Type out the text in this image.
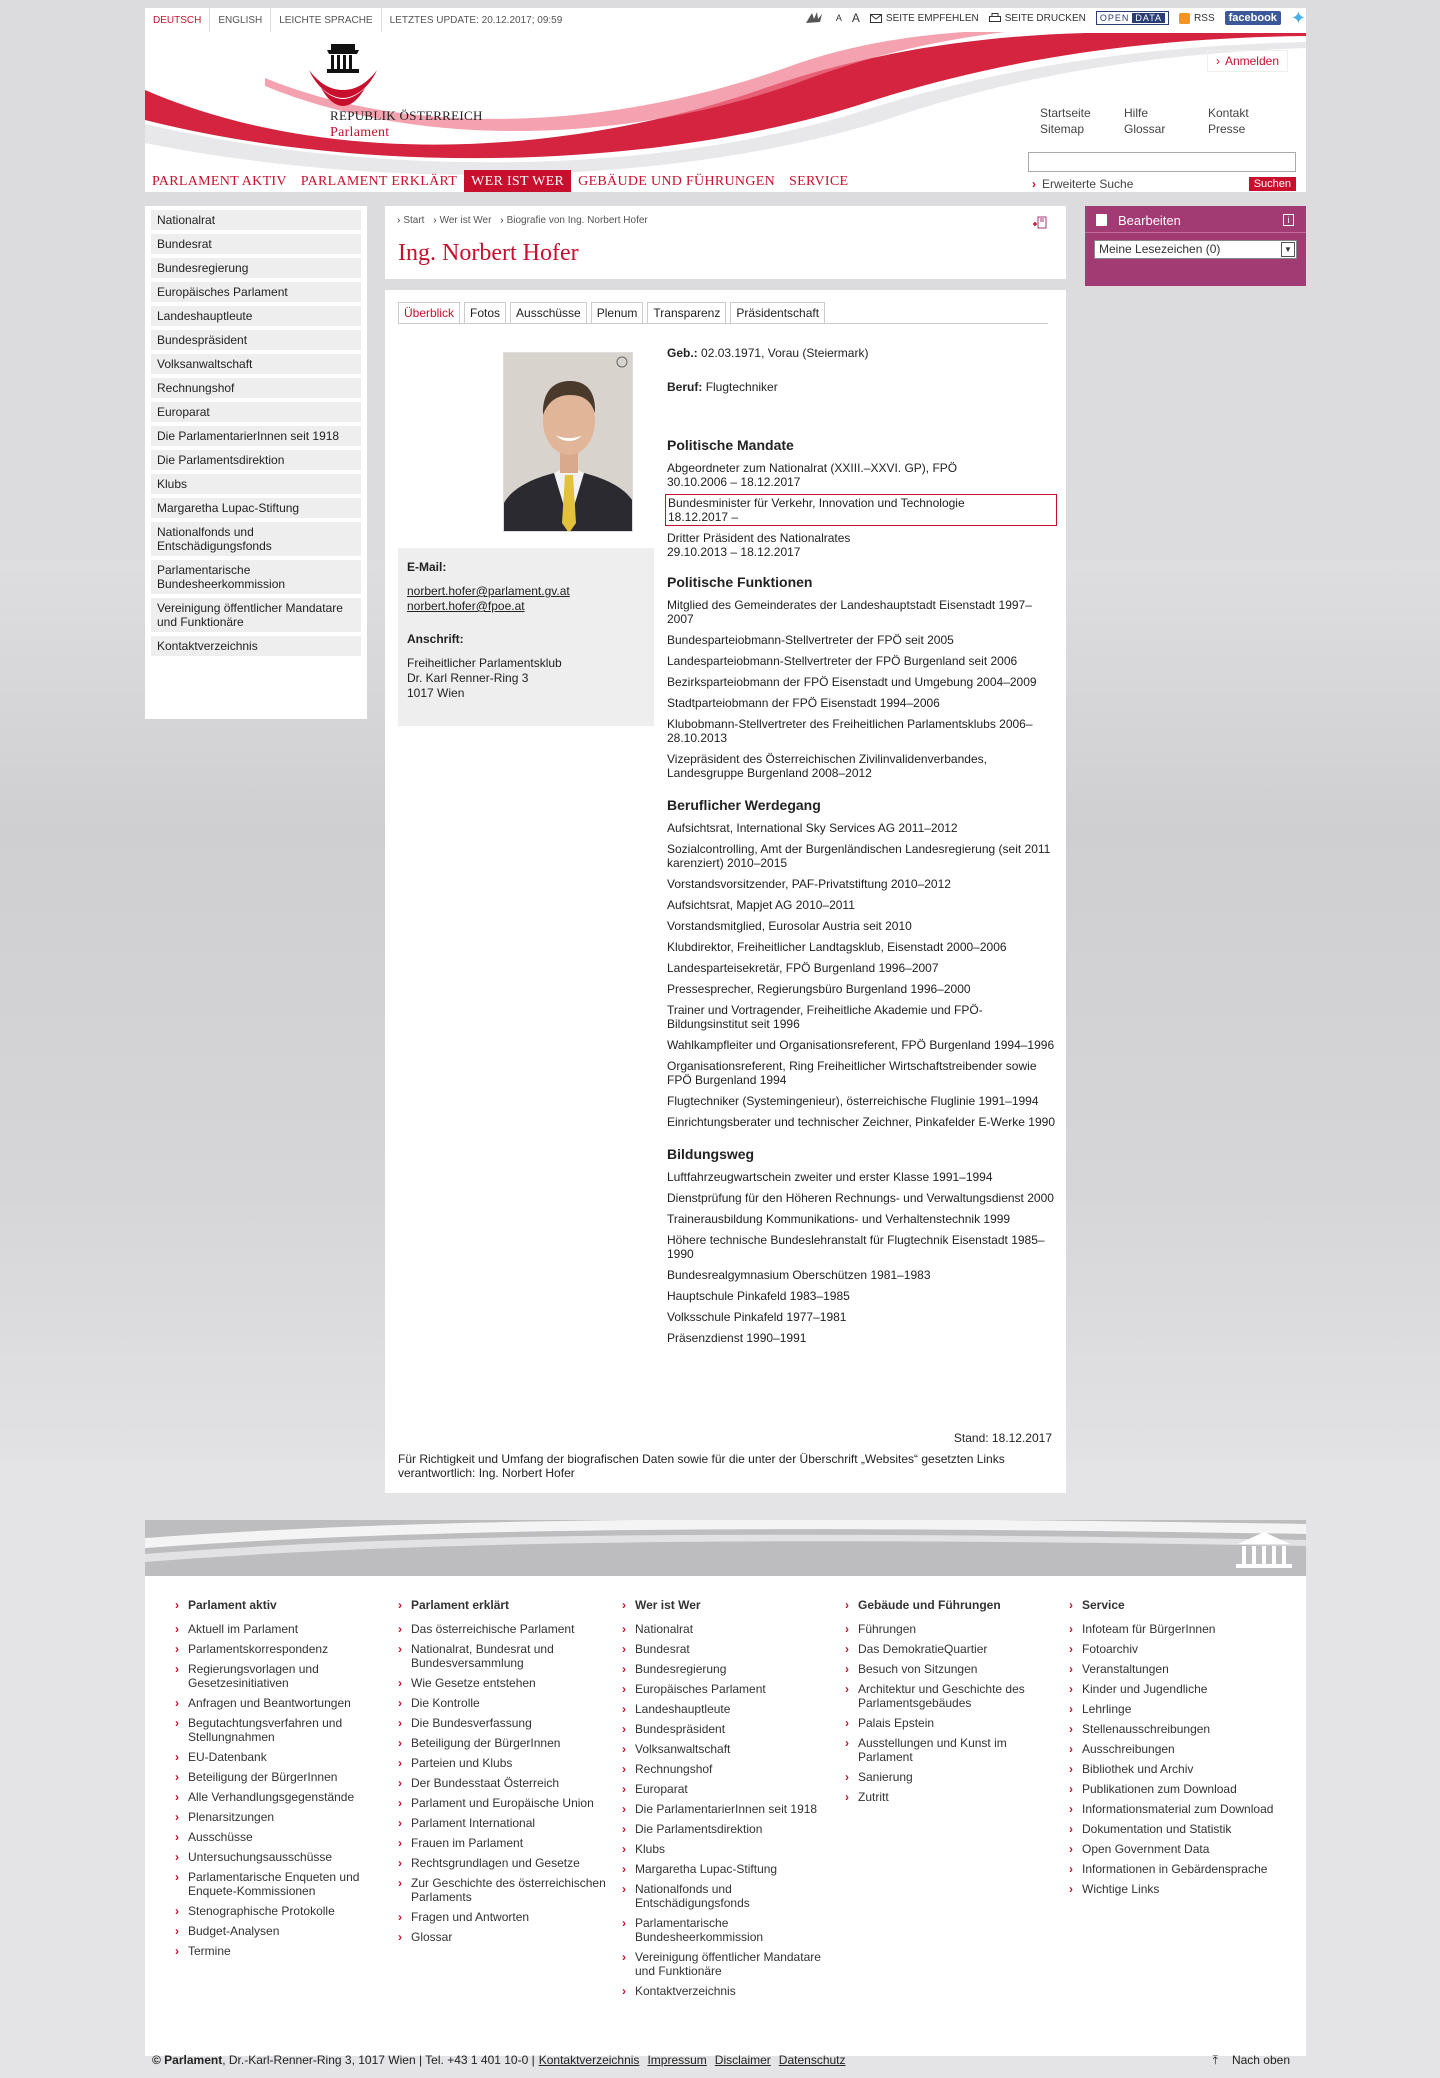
DEUTSCH	ENGLISH	LEICHTE SPRACHE	LETZTES UPDATE: 20.12.2017; 09:59	A A	SEITE EMPFEHLEN	SEITE DRUCKEN OPEN DATA	RSS	facebook ✦
› Anmelden
REPUBLIK ÖSTERREICH
Parlament
Startseite	Hilfe	Kontakt
Sitemap	Glossar	Presse
PARLAMENT AKTIV	PARLAMENT ERKLÄRT	WER IST WER	GEBÄUDE UND FÜHRUNGEN	SERVICE	› Erweiterte Suche	Suchen
Nationalrat
Bundesrat
Bundesregierung
Europäisches Parlament
Landeshauptleute
Bundespräsident
Volksanwaltschaft
Rechnungshof
Europarat
Die ParlamentarierInnen seit 1918
Die Parlamentsdirektion
Klubs
Margaretha Lupac-Stiftung
Nationalfonds und Entschädigungsfonds
Parlamentarische Bundesheerkommission
Vereinigung öffentlicher Mandatare und Funktionäre
Kontaktverzeichnis
› Start › Wer ist Wer › Biografie von Ing. Norbert Hofer
Ing. Norbert Hofer
Überblick	Fotos	Ausschüsse	Plenum	Transparenz	Präsidentschaft
E-Mail:
norbert.hofer@parlament.gv.at
norbert.hofer@fpoe.at
Anschrift:
Freiheitlicher Parlamentsklub
Dr. Karl Renner-Ring 3
1017 Wien

Geb.: 02.03.1971, Vorau (Steiermark)

Beruf: Flugtechniker

Politische Mandate
Abgeordneter zum Nationalrat (XXIII.–XXVI. GP), FPÖ
30.10.2006 – 18.12.2017
Bundesminister für Verkehr, Innovation und Technologie
18.12.2017 –
Dritter Präsident des Nationalrates
29.10.2013 – 18.12.2017
Politische Funktionen
Mitglied des Gemeinderates der Landeshauptstadt Eisenstadt 1997–2007
Bundesparteiobmann-Stellvertreter der FPÖ seit 2005
Landesparteiobmann-Stellvertreter der FPÖ Burgenland seit 2006
Bezirksparteiobmann der FPÖ Eisenstadt und Umgebung 2004–2009
Stadtparteiobmann der FPÖ Eisenstadt 1994–2006
Klubobmann-Stellvertreter des Freiheitlichen Parlamentsklubs 2006–28.10.2013
Vizepräsident des Österreichischen Zivilinvalidenverbandes, Landesgruppe Burgenland 2008–2012
Beruflicher Werdegang
Aufsichtsrat, International Sky Services AG 2011–2012
Sozialcontrolling, Amt der Burgenländischen Landesregierung (seit 2011 karenziert) 2010–2015
Vorstandsvorsitzender, PAF-Privatstiftung 2010–2012
Aufsichtsrat, Mapjet AG 2010–2011
Vorstandsmitglied, Eurosolar Austria seit 2010
Klubdirektor, Freiheitlicher Landtagsklub, Eisenstadt 2000–2006
Landesparteisekretär, FPÖ Burgenland 1996–2007
Pressesprecher, Regierungsbüro Burgenland 1996–2000
Trainer und Vortragender, Freiheitliche Akademie und FPÖ-Bildungsinstitut seit 1996
Wahlkampfleiter und Organisationsreferent, FPÖ Burgenland 1994–1996
Organisationsreferent, Ring Freiheitlicher Wirtschaftstreibender sowie FPÖ Burgenland 1994
Flugtechniker (Systemingenieur), österreichische Fluglinie 1991–1994
Einrichtungsberater und technischer Zeichner, Pinkafelder E-Werke 1990
Bildungsweg
Luftfahrzeugwartschein zweiter und erster Klasse 1991–1994
Dienstprüfung für den Höheren Rechnungs- und Verwaltungsdienst 2000
Trainerausbildung Kommunikations- und Verhaltenstechnik 1999
Höhere technische Bundeslehranstalt für Flugtechnik Eisenstadt 1985–1990
Bundesrealgymnasium Oberschützen 1981–1983
Hauptschule Pinkafeld 1983–1985
Volksschule Pinkafeld 1977–1981
Präsenzdienst 1990–1991
Stand: 18.12.2017
Für Richtigkeit und Umfang der biografischen Daten sowie für die unter der Überschrift „Websites“ gesetzten Links verantwortlich: Ing. Norbert Hofer
Bearbeiten	i
Meine Lesezeichen (0)	▼
› Parlament aktiv
› Aktuell im Parlament
› Parlamentskorrespondenz
› Regierungsvorlagen und Gesetzesinitiativen
› Anfragen und Beantwortungen
› Begutachtungsverfahren und Stellungnahmen
› EU-Datenbank
› Beteiligung der BürgerInnen
› Alle Verhandlungsgegenstände
› Plenarsitzungen
› Ausschüsse
› Untersuchungsausschüsse
› Parlamentarische Enqueten und Enquete-Kommissionen
› Stenographische Protokolle
› Budget-Analysen
› Termine
› Parlament erklärt
› Das österreichische Parlament
› Nationalrat, Bundesrat und Bundesversammlung
› Wie Gesetze entstehen
› Die Kontrolle
› Die Bundesverfassung
› Beteiligung der BürgerInnen
› Parteien und Klubs
› Der Bundesstaat Österreich
› Parlament und Europäische Union
› Parlament International
› Frauen im Parlament
› Rechtsgrundlagen und Gesetze
› Zur Geschichte des österreichischen Parlaments
› Fragen und Antworten
› Glossar
› Wer ist Wer
› Nationalrat
› Bundesrat
› Bundesregierung
› Europäisches Parlament
› Landeshauptleute
› Bundespräsident
› Volksanwaltschaft
› Rechnungshof
› Europarat
› Die ParlamentarierInnen seit 1918
› Die Parlamentsdirektion
› Klubs
› Margaretha Lupac-Stiftung
› Nationalfonds und Entschädigungsfonds
› Parlamentarische Bundesheerkommission
› Vereinigung öffentlicher Mandatare und Funktionäre
› Kontaktverzeichnis
› Gebäude und Führungen
› Führungen
› Das DemokratieQuartier
› Besuch von Sitzungen
› Architektur und Geschichte des Parlamentsgebäudes
› Palais Epstein
› Ausstellungen und Kunst im Parlament
› Sanierung
› Zutritt
› Service
› Infoteam für BürgerInnen
› Fotoarchiv
› Veranstaltungen
› Kinder und Jugendliche
› Lehrlinge
› Stellenausschreibungen
› Ausschreibungen
› Bibliothek und Archiv
› Publikationen zum Download
› Informationsmaterial zum Download
› Dokumentation und Statistik
› Open Government Data
› Informationen in Gebärdensprache
› Wichtige Links
© Parlament, Dr.-Karl-Renner-Ring 3, 1017 Wien | Tel. +43 1 401 10-0 | Kontaktverzeichnis Impressum Disclaimer Datenschutz	⤒ Nach oben
